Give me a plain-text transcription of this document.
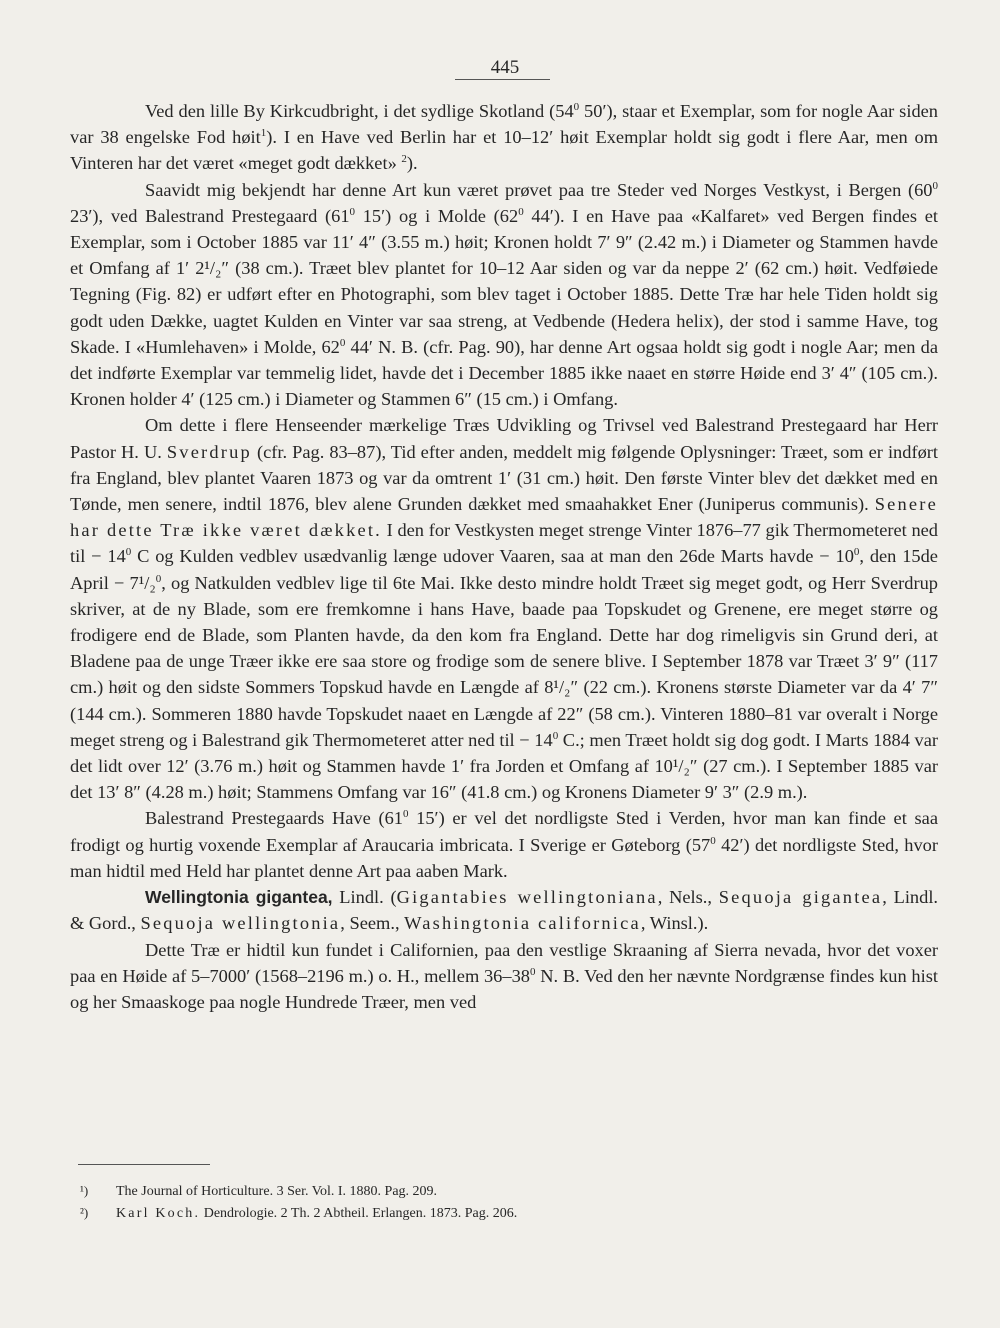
445

Ved den lille By Kirkcudbright, i det sydlige Skotland ($54^0$ 50′), staar et Exemplar, som for nogle Aar siden var 38 engelske Fod høit$^1$). I en Have ved Berlin har et 10–12′ høit Exemplar holdt sig godt i flere Aar, men om Vinteren har det været «meget godt dækket» $^2$).

Saavidt mig bekjendt har denne Art kun været prøvet paa tre Steder ved Norges Vestkyst, i Bergen ($60^0$ 23′), ved Balestrand Prestegaard ($61^0$ 15′) og i Molde ($62^0$ 44′). I en Have paa «Kalfaret» ved Bergen findes et Exemplar, som i October 1885 var 11′ 4″ (3.55 m.) høit; Kronen holdt 7′ 9″ (2.42 m.) i Diameter og Stammen havde et Omfang af 1′ 2¹/₂″ (38 cm.). Træet blev plantet for 10–12 Aar siden og var da neppe 2′ (62 cm.) høit. Vedføiede Tegning (Fig. 82) er udført efter en Photographi, som blev taget i October 1885. Dette Træ har hele Tiden holdt sig godt uden Dække, uagtet Kulden en Vinter var saa streng, at Vedbende (Hedera helix), der stod i samme Have, tog Skade. I «Humlehaven» i Molde, $62^0$ 44′ N. B. (cfr. Pag. 90), har denne Art ogsaa holdt sig godt i nogle Aar; men da det indførte Exemplar var temmelig lidet, havde det i December 1885 ikke naaet en større Høide end 3′ 4″ (105 cm.). Kronen holder 4′ (125 cm.) i Diameter og Stammen 6″ (15 cm.) i Omfang.

Om dette i flere Henseender mærkelige Træs Udvikling og Trivsel ved Balestrand Prestegaard har Herr Pastor H. U. Sverdrup (cfr. Pag. 83–87), Tid efter anden, meddelt mig følgende Oplysninger: Træet, som er indført fra England, blev plantet Vaaren 1873 og var da omtrent 1′ (31 cm.) høit. Den første Vinter blev det dækket med en Tønde, men senere, indtil 1876, blev alene Grunden dækket med smaahakket Ener (Juniperus communis). Senere har dette Træ ikke været dækket. I den for Vestkysten meget strenge Vinter 1876–77 gik Thermometeret ned til − $14^0$ C og Kulden vedblev usædvanlig længe udover Vaaren, saa at man den 26de Marts havde − $10^0$, den 15de April − 7¹/₂$^0$, og Natkulden vedblev lige til 6te Mai. Ikke desto mindre holdt Træet sig meget godt, og Herr Sverdrup skriver, at de ny Blade, som ere fremkomne i hans Have, baade paa Topskudet og Grenene, ere meget større og frodigere end de Blade, som Planten havde, da den kom fra England. Dette har dog rimeligvis sin Grund deri, at Bladene paa de unge Træer ikke ere saa store og frodige som de senere blive. I September 1878 var Træet 3′ 9″ (117 cm.) høit og den sidste Sommers Topskud havde en Længde af 8¹/₂″ (22 cm.). Kronens største Diameter var da 4′ 7″ (144 cm.). Sommeren 1880 havde Topskudet naaet en Længde af 22″ (58 cm.). Vinteren 1880–81 var overalt i Norge meget streng og i Balestrand gik Thermometeret atter ned til − $14^0$ C.; men Træet holdt sig dog godt. I Marts 1884 var det lidt over 12′ (3.76 m.) høit og Stammen havde 1′ fra Jorden et Omfang af 10¹/₂″ (27 cm.). I September 1885 var det 13′ 8″ (4.28 m.) høit; Stammens Omfang var 16″ (41.8 cm.) og Kronens Diameter 9′ 3″ (2.9 m.).

Balestrand Prestegaards Have ($61^0$ 15′) er vel det nordligste Sted i Verden, hvor man kan finde et saa frodigt og hurtig voxende Exemplar af Araucaria imbricata. I Sverige er Gøteborg ($57^0$ 42′) det nordligste Sted, hvor man hidtil med Held har plantet denne Art paa aaben Mark.

Wellingtonia gigantea, Lindl. (Gigantabies wellingtoniana, Nels., Sequoja gigantea, Lindl. & Gord., Sequoja wellingtonia, Seem., Washingtonia californica, Winsl.).

Dette Træ er hidtil kun fundet i Californien, paa den vestlige Skraaning af Sierra nevada, hvor det voxer paa en Høide af 5–7000′ (1568–2196 m.) o. H., mellem $36-38^0$ N. B. Ved den her nævnte Nordgrænse findes kun hist og her Smaaskoge paa nogle Hundrede Træer, men ved

¹) The Journal of Horticulture. 3 Ser. Vol. I. 1880. Pag. 209.
²) Karl Koch. Dendrologie. 2 Th. 2 Abtheil. Erlangen. 1873. Pag. 206.
